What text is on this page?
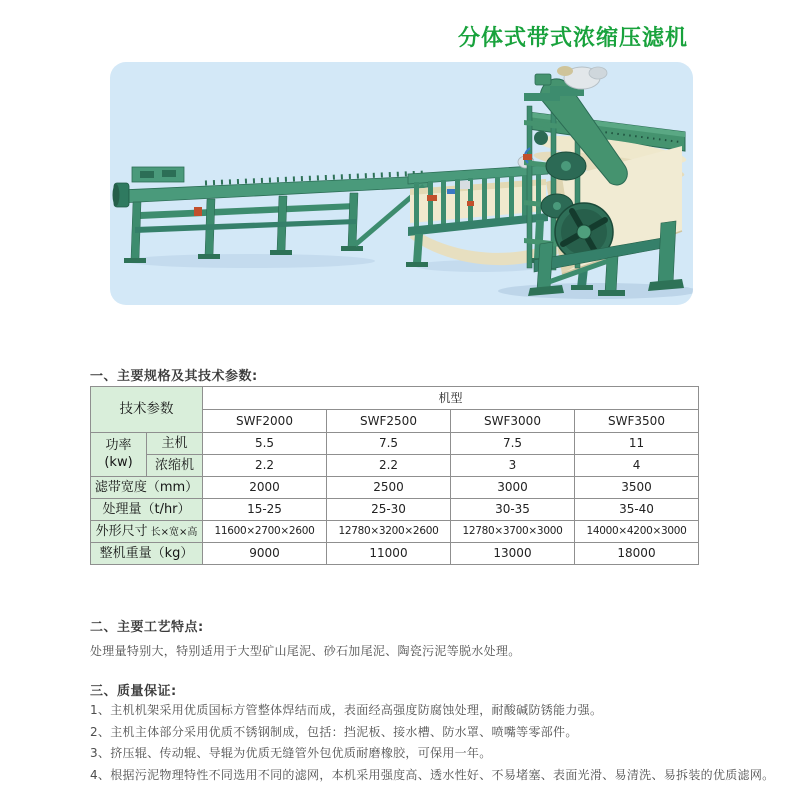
分体式带式浓缩压滤机
一、主要规格及其技术参数:
技术参数		机型			
		SWF2000	SWF2500	SWF3000	SWF3500

功率
(kw)	主机	5.5	7.5	7.5	11
	浓缩机	2.2	2.2	3	4
滤带宽度（mm）		2000	2500	3000	3500
处理量（t/hr）		15-25	25-30	30-35	35-40
外形尺寸 长×宽×高		11600×2700×2600	12780×3200×2600	12780×3700×3000	14000×4200×3000
整机重量（kg）		9000	11000	13000	18000
二、主要工艺特点:
处理量特别大，特别适用于大型矿山尾泥、砂石加尾泥、陶瓷污泥等脱水处理。
三、质量保证:

1、主机机架采用优质国标方管整体焊结而成，表面经高强度防腐蚀处理，耐酸碱防锈能力强。

2、主机主体部分采用优质不锈钢制成，包括：挡泥板、接水槽、防水罩、喷嘴等零部件。

3、挤压辊、传动辊、导辊为优质无缝管外包优质耐磨橡胶，可保用一年。

4、根据污泥物理特性不同选用不同的滤网，本机采用强度高、透水性好、不易堵塞、表面光滑、易清洗、易拆装的优质滤网。
